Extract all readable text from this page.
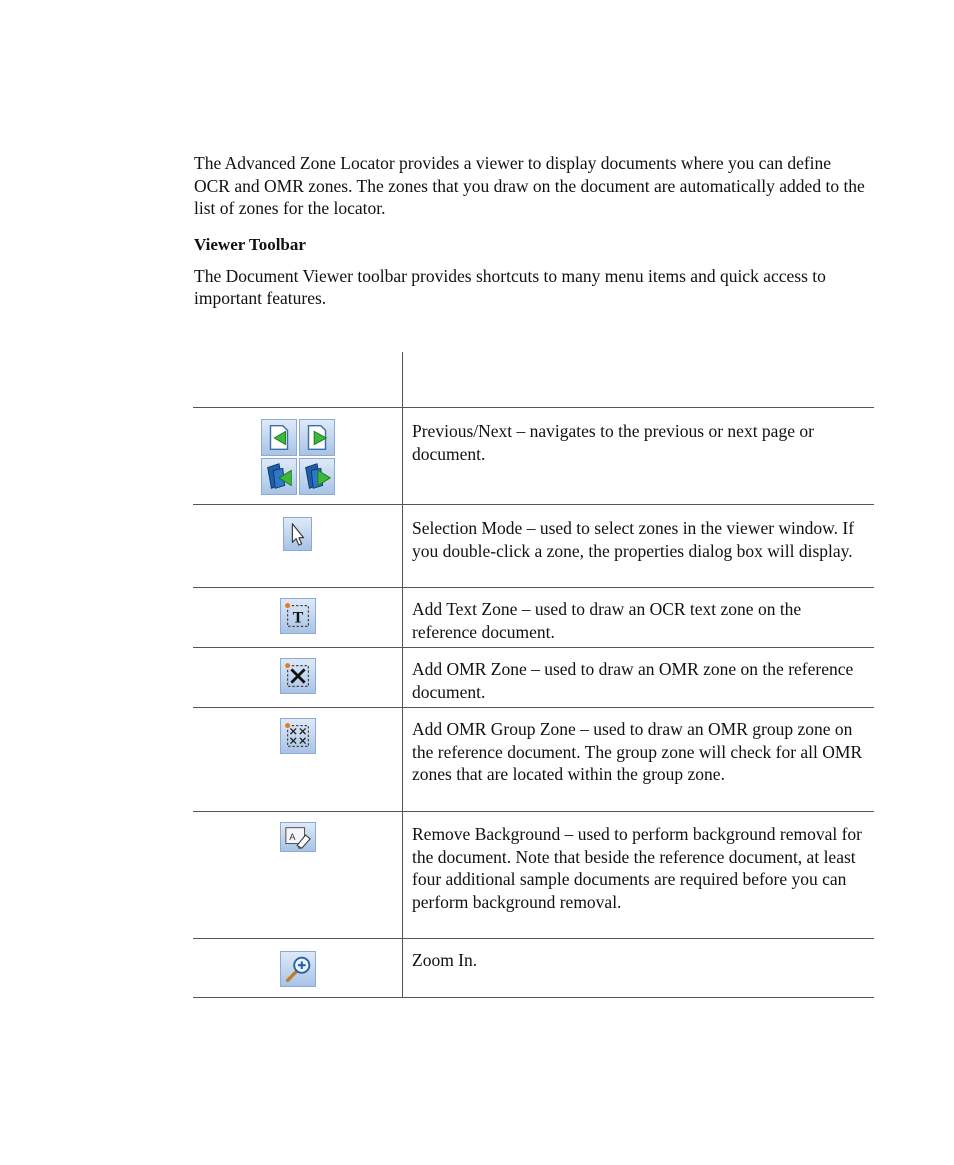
The Advanced Zone Locator provides a viewer to display documents where you can define OCR and OMR zones. The zones that you draw on the document are automatically added to the list of zones for the locator.

Viewer Toolbar

The Document Viewer toolbar provides shortcuts to many menu items and quick access to important features.

	Previous/Next – navigates to the previous or next page or document.

	Selection Mode – used to select zones in the viewer window. If you double-click a zone, the properties dialog box will display.

T	Add Text Zone – used to draw an OCR text zone on the reference document.

	Add OMR Zone – used to draw an OMR zone on the reference document.

	Add OMR Group Zone – used to draw an OMR group zone on the reference document. The group zone will check for all OMR zones that are located within the group zone.

A	Remove Background – used to perform background removal for the document. Note that beside the reference document, at least four additional sample documents are required before you can perform background removal.

	Zoom In.
